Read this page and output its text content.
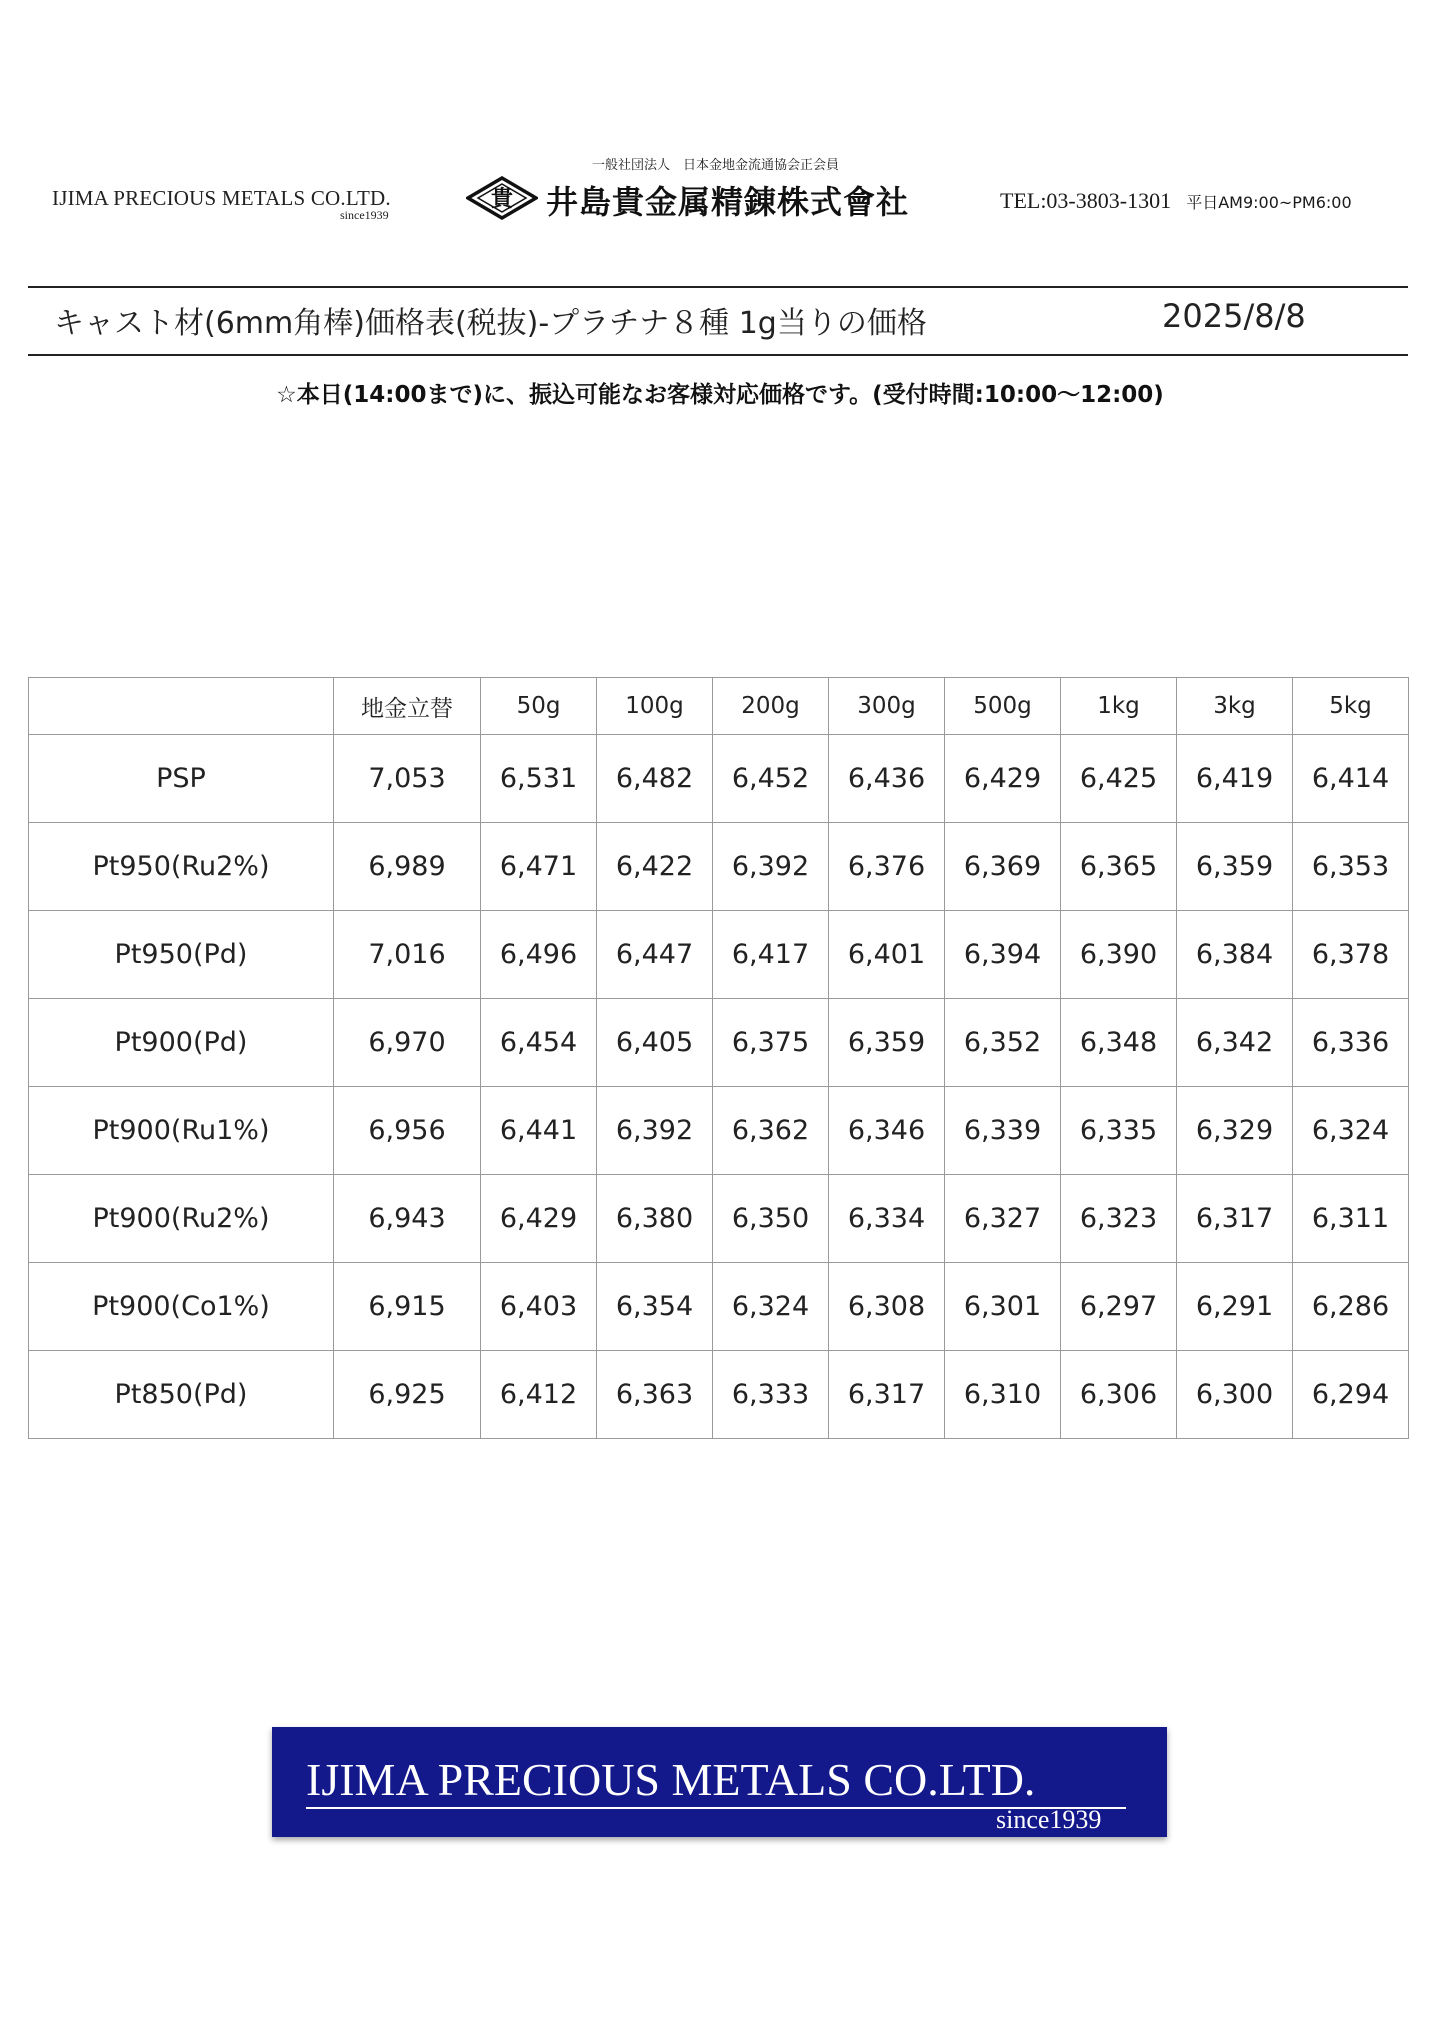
IJIMA PRECIOUS METALS CO.LTD.
since1939
一般社団法人　日本金地金流通協会正会員
貴 井島貴金属精錬株式會社	TEL:03-3803-1301 平日AM9:00~PM6:00
キャスト材(6mm角棒)価格表(税抜)-プラチナ８種 1g当りの価格	2025/8/8
☆本日(14:00まで)に、振込可能なお客様対応価格です。(受付時間:10:00～12:00)
	地金立替	50g	100g	200g	300g	500g	1kg	3kg	5kg
PSP	7,053	6,531	6,482	6,452	6,436	6,429	6,425	6,419	6,414
Pt950(Ru2%)	6,989	6,471	6,422	6,392	6,376	6,369	6,365	6,359	6,353
Pt950(Pd)	7,016	6,496	6,447	6,417	6,401	6,394	6,390	6,384	6,378
Pt900(Pd)	6,970	6,454	6,405	6,375	6,359	6,352	6,348	6,342	6,336
Pt900(Ru1%)	6,956	6,441	6,392	6,362	6,346	6,339	6,335	6,329	6,324
Pt900(Ru2%)	6,943	6,429	6,380	6,350	6,334	6,327	6,323	6,317	6,311
Pt900(Co1%)	6,915	6,403	6,354	6,324	6,308	6,301	6,297	6,291	6,286
Pt850(Pd)	6,925	6,412	6,363	6,333	6,317	6,310	6,306	6,300	6,294
IJIMA PRECIOUS METALS CO.LTD.
since1939
